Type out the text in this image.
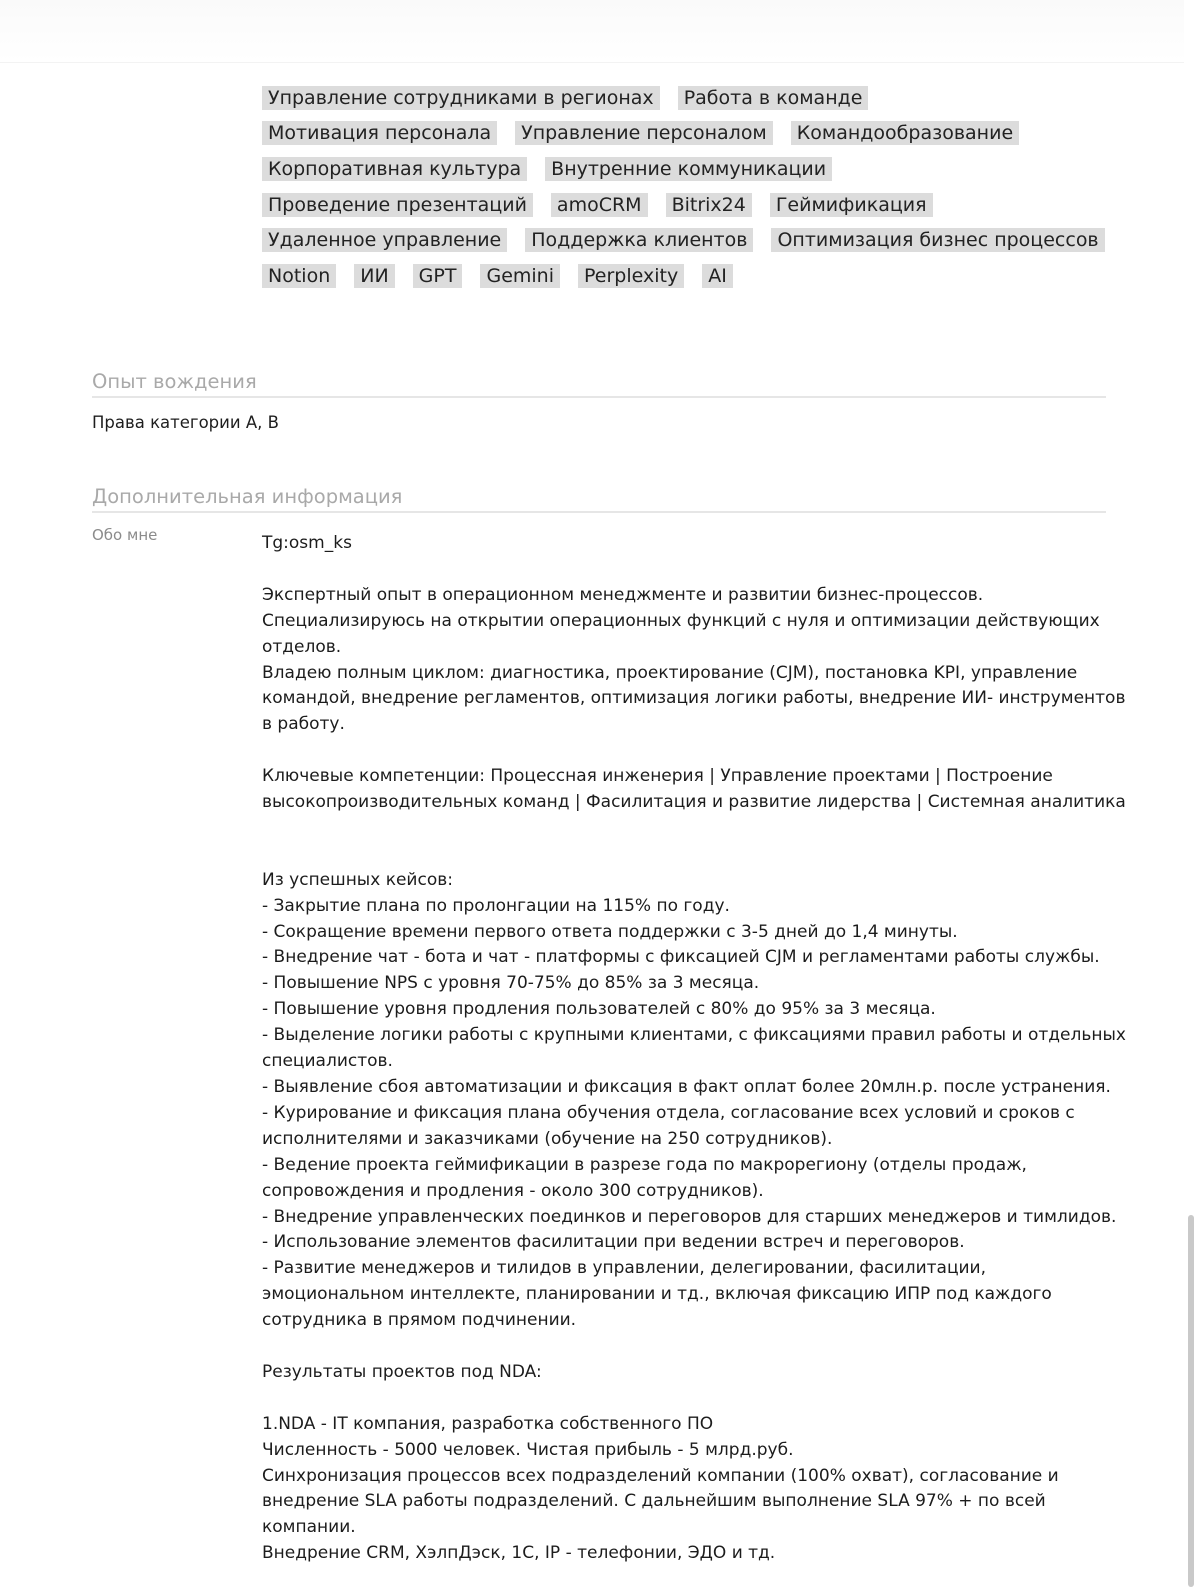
Управление сотрудниками в регионах	Работа в команде
Мотивация персонала	Управление персоналом	Командообразование
Корпоративная культура	Внутренние коммуникации
Проведение презентаций	amoCRM	Bitrix24	Геймификация
Удаленное управление	Поддержка клиентов	Оптимизация бизнес процессов
Notion	ИИ	GPT	Gemini	Perplexity	AI
Опыт вождения
Права категории A, B
Дополнительная информация
Обо мне	Tg:osm_ks

Экспертный опыт в операционном менеджменте и развитии бизнес-процессов.

Специализируюсь на открытии операционных функций с нуля и оптимизации действующих

отделов.

Владею полным циклом: диагностика, проектирование (CJM), постановка KPI, управление

командой, внедрение регламентов, оптимизация логики работы, внедрение ИИ- инструментов

в работу.

Ключевые компетенции: Процессная инженерия | Управление проектами | Построение

высокопроизводительных команд | Фасилитация и развитие лидерства | Системная аналитика

Из успешных кейсов:

- Закрытие плана по пролонгации на 115% по году.

- Сокращение времени первого ответа поддержки с 3-5 дней до 1,4 минуты.

- Внедрение чат - бота и чат - платформы с фиксацией CJM и регламентами работы службы.

- Повышение NPS с уровня 70-75% до 85% за 3 месяца.

- Повышение уровня продления пользователей с 80% до 95% за 3 месяца.

- Выделение логики работы с крупными клиентами, с фиксациями правил работы и отдельных

специалистов.

- Выявление сбоя автоматизации и фиксация в факт оплат более 20млн.р. после устранения.

- Курирование и фиксация плана обучения отдела, согласование всех условий и сроков с

исполнителями и заказчиками (обучение на 250 сотрудников).

- Ведение проекта геймификации в разрезе года по макрорегиону (отделы продаж,

сопровождения и продления - около 300 сотрудников).

- Внедрение управленческих поединков и переговоров для старших менеджеров и тимлидов.

- Использование элементов фасилитации при ведении встреч и переговоров.

- Развитие менеджеров и тилидов в управлении, делегировании, фасилитации,

эмоциональном интеллекте, планировании и тд., включая фиксацию ИПР под каждого

сотрудника в прямом подчинении.

Результаты проектов под NDA:

1.NDA - IT компания, разработка собственного ПО

Численность - 5000 человек. Чистая прибыль - 5 млрд.руб.

Синхронизация процессов всех подразделений компании (100% охват), согласование и

внедрение SLA работы подразделений. С дальнейшим выполнение SLA 97% + по всей

компании.

Внедрение CRM, ХэлпДэск, 1С, IP - телефонии, ЭДО и тд.
